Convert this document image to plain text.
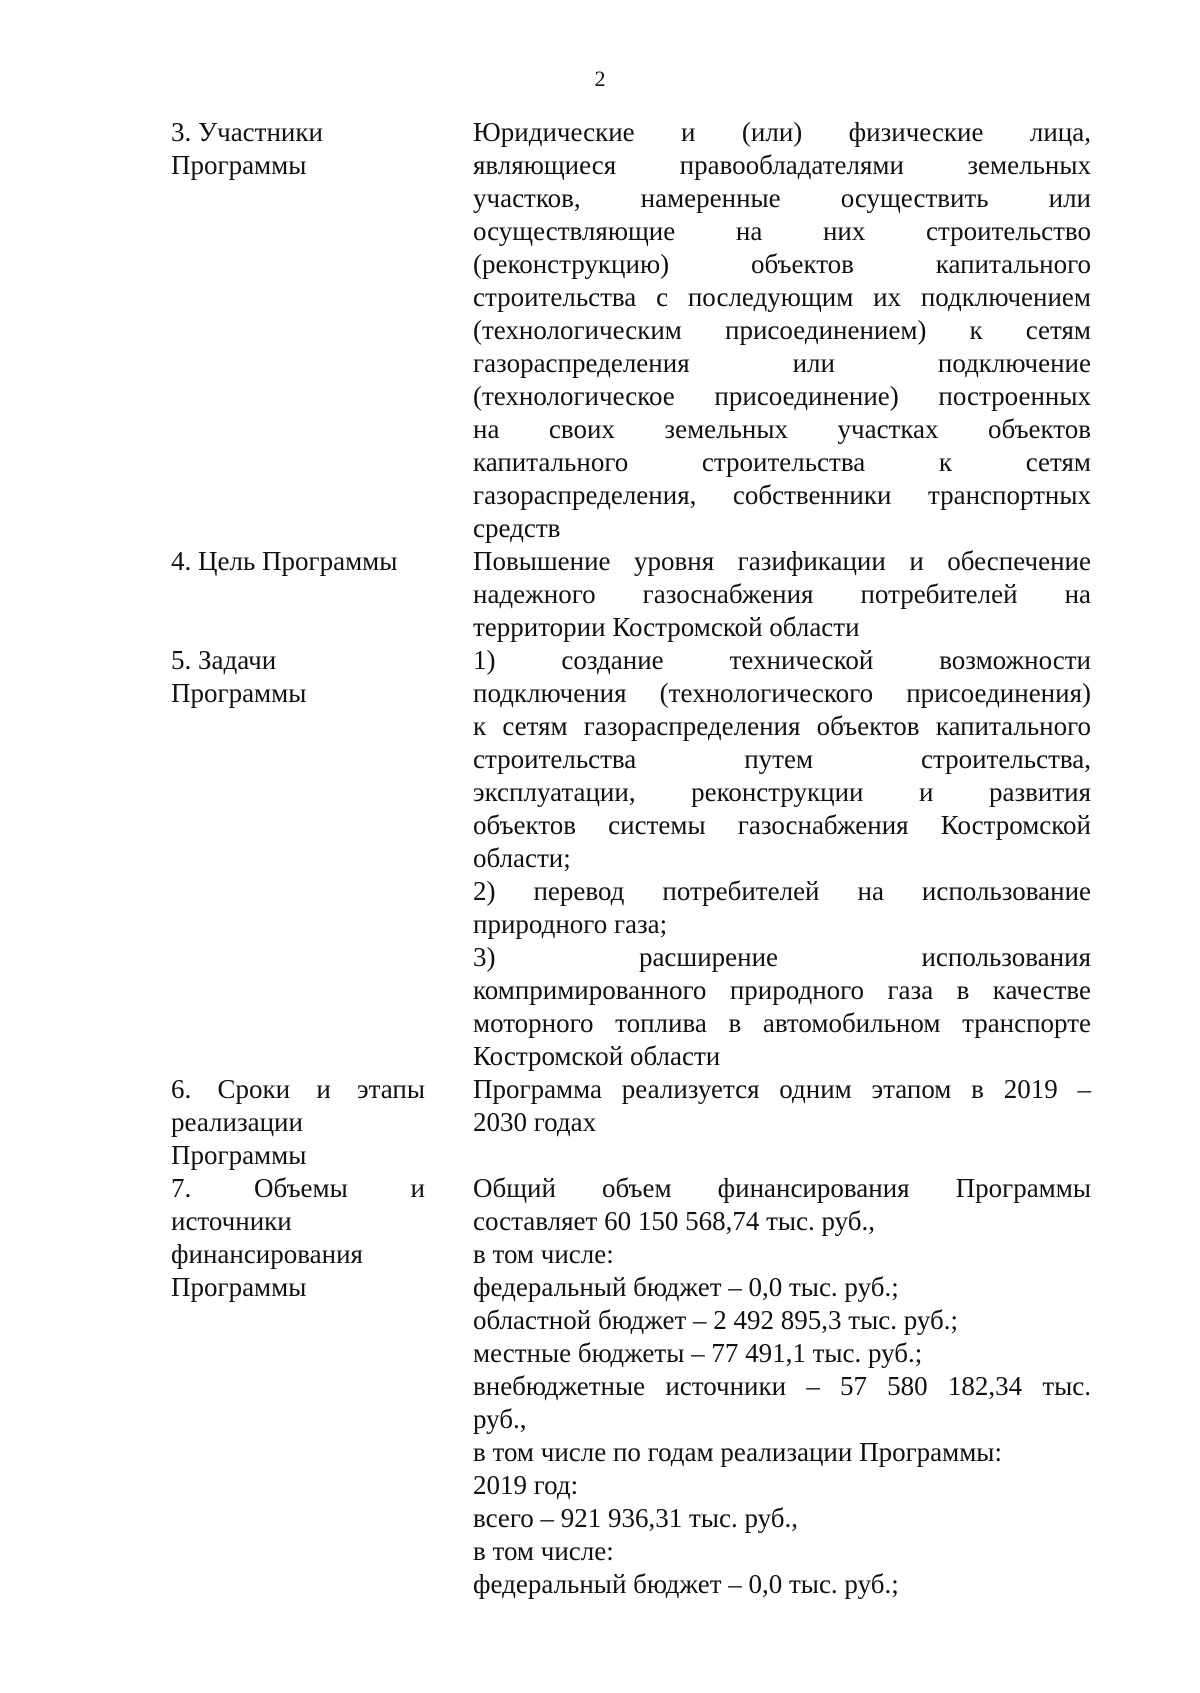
2
3. Участники
Программы
Юридические и (или) физические лица,
являющиеся правообладателями земельных
участков, намеренные осуществить или
осуществляющие на них строительство
(реконструкцию) объектов капитального
строительства с последующим их подключением
(технологическим присоединением) к сетям
газораспределения или подключение
(технологическое присоединение) построенных
на своих земельных участках объектов
капитального строительства к сетям
газораспределения, собственники транспортных
средств
4. Цель Программы	Повышение уровня газификации и обеспечение
надежного газоснабжения потребителей на
территории Костромской области
5. Задачи
Программы
1) создание технической возможности
подключения (технологического присоединения)
к сетям газораспределения объектов капитального
строительства путем строительства,
эксплуатации, реконструкции и развития
объектов системы газоснабжения Костромской
области;
2) перевод потребителей на использование
природного газа;
3) расширение использования
компримированного природного газа в качестве
моторного топлива в автомобильном транспорте
Костромской области
6. Сроки и этапы
реализации
Программы
Программа реализуется одним этапом в 2019 –
2030 годах
7. Объемы и
источники
финансирования
Программы
Общий объем финансирования Программы
составляет 60 150 568,74 тыс. руб.,
в том числе:
федеральный бюджет – 0,0 тыс. руб.;
областной бюджет – 2 492 895,3 тыс. руб.;
местные бюджеты – 77 491,1 тыс. руб.;
внебюджетные источники – 57 580 182,34 тыс.
руб.,
в том числе по годам реализации Программы:
2019 год:
всего – 921 936,31 тыс. руб.,
в том числе:
федеральный бюджет – 0,0 тыс. руб.;
